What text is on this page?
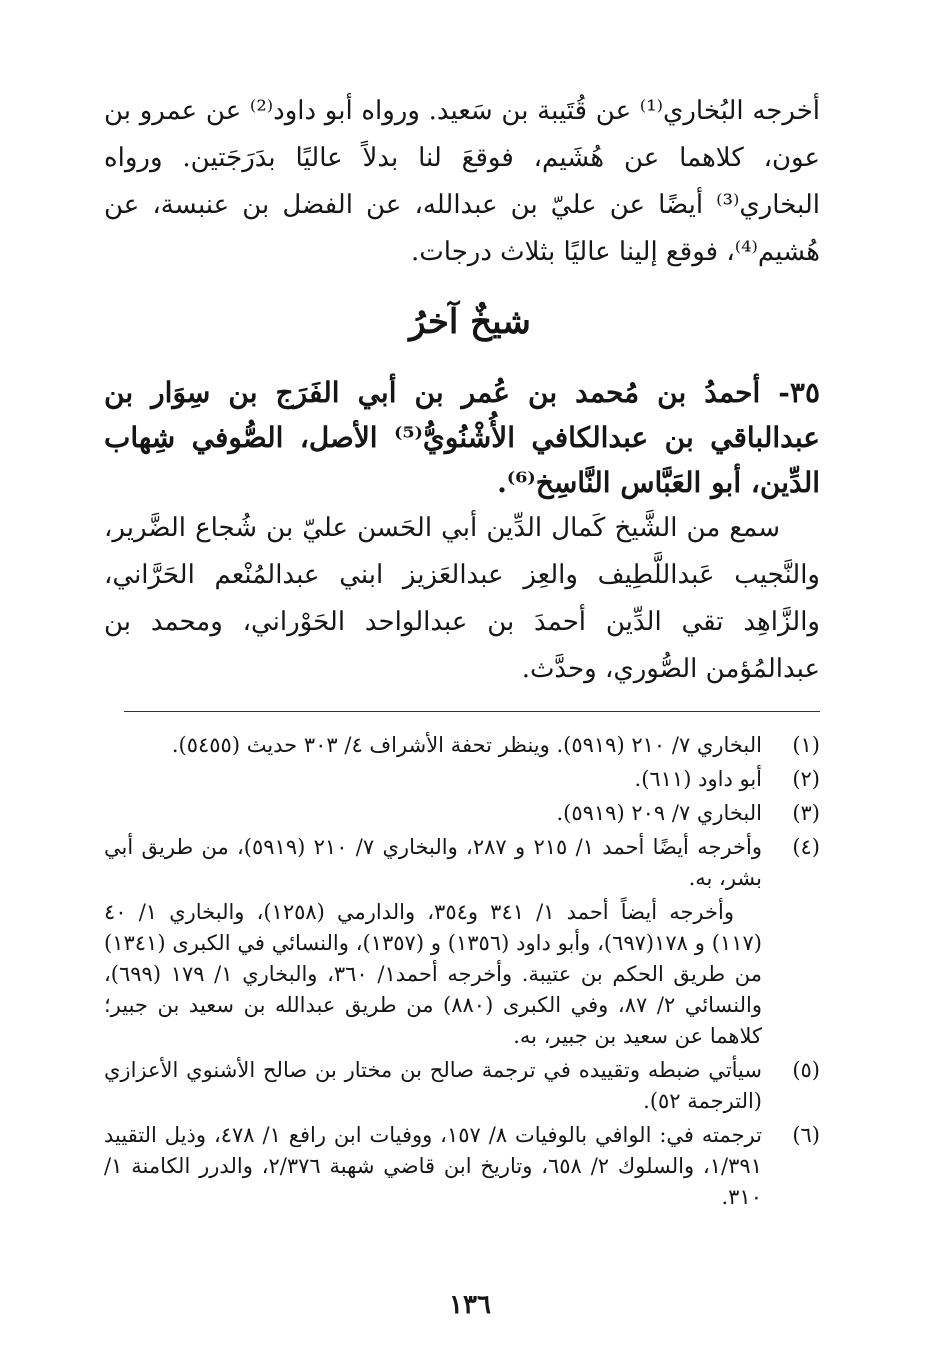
أخرجه البُخاري⁽¹⁾ عن قُتَيبة بن سَعيد. ورواه أبو داود⁽²⁾ عن عمرو بن عون، كلاهما عن هُشَيم، فوقعَ لنا بدلاً عاليًا بدَرَجَتين. ورواه البخاري⁽³⁾ أيضًا عن عليّ بن عبدالله، عن الفضل بن عنبسة، عن هُشيم⁽⁴⁾، فوقع إلينا عاليًا بثلاث درجات.

شيخٌ آخرُ

٣٥- أحمدُ بن مُحمد بن عُمر بن أبي الفَرَج بن سِوَار بن عبدالباقي بن عبدالكافي الأُشْنُويُّ⁽⁵⁾ الأصل، الصُّوفي شِهاب الدِّين، أبو العَبَّاس النَّاسِخ⁽⁶⁾.

سمع من الشَّيخ كَمال الدِّين أبي الحَسن عليّ بن شُجاع الضَّرير، والنَّجيب عَبداللَّطِيف والعِز عبدالعَزيز ابني عبدالمُنْعم الحَرَّاني، والزَّاهِد تقي الدِّين أحمدَ بن عبدالواحد الحَوْراني، ومحمد بن عبدالمُؤمن الصُّوري، وحدَّث.

(١)
البخاري ٧/ ٢١٠ (٥٩١٩). وينظر تحفة الأشراف ٤/ ٣٠٣ حديث (٥٤٥٥).
(٢)
أبو داود (٦١١).
(٣)
البخاري ٧/ ٢٠٩ (٥٩١٩).
(٤)
وأخرجه أيضًا أحمد ١/ ٢١٥ و ٢٨٧، والبخاري ٧/ ٢١٠ (٥٩١٩)، من طريق أبي بشر، به.
وأخرجه أيضاً أحمد ١/ ٣٤١ و٣٥٤، والدارمي (١٢٥٨)، والبخاري ١/ ٤٠ (١١٧) و ١٧٨(٦٩٧)، وأبو داود (١٣٥٦) و (١٣٥٧)، والنسائي في الكبرى (١٣٤١) من طريق الحكم بن عتيبة. وأخرجه أحمد١/ ٣٦٠، والبخاري ١/ ١٧٩ (٦٩٩)، والنسائي ٢/ ٨٧، وفي الكبرى (٨٨٠) من طريق عبدالله بن سعيد بن جبير؛ كلاهما عن سعيد بن جبير، به.
(٥)
سيأتي ضبطه وتقييده في ترجمة صالح بن مختار بن صالح الأشنوي الأعزازي (الترجمة ٥٢).
(٦)
ترجمته في: الوافي بالوفيات ٨/ ١٥٧، ووفيات ابن رافع ١/ ٤٧٨، وذيل التقييد ١/٣٩١، والسلوك ٢/ ٦٥٨، وتاريخ ابن قاضي شهبة ٢/٣٧٦، والدرر الكامنة ١/ ٣١٠.
١٣٦
